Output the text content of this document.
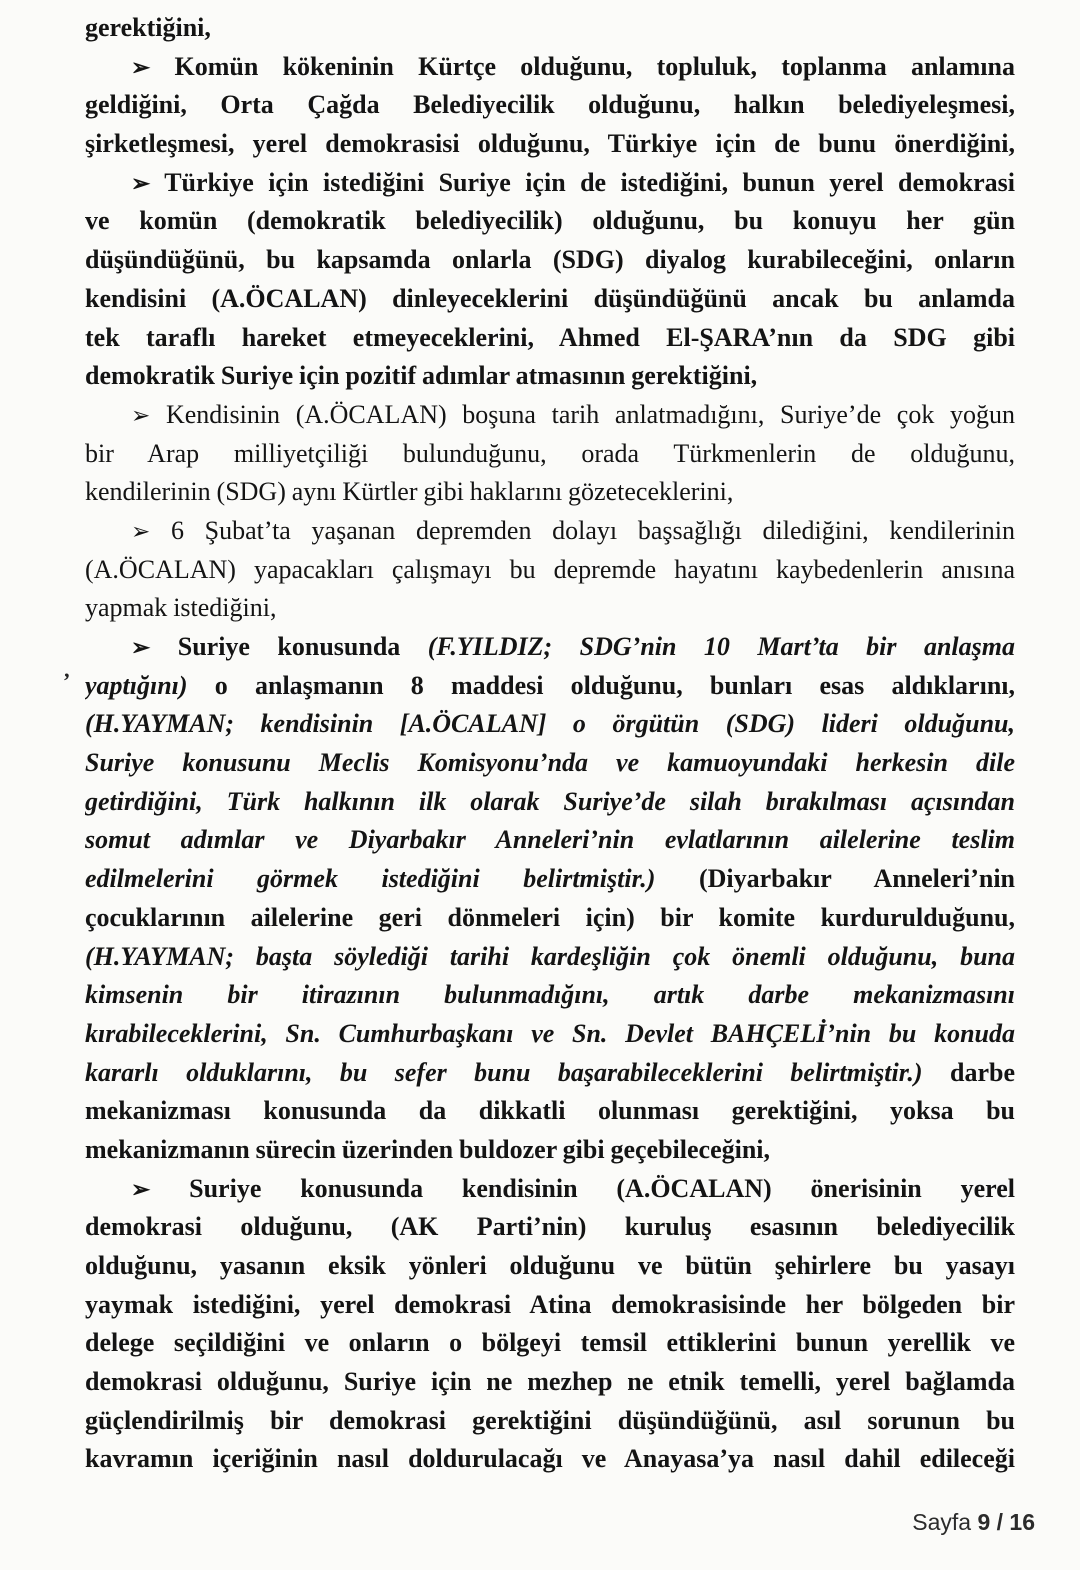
gerektiğini,
➢ Komün kökeninin Kürtçe olduğunu, topluluk, toplanma anlamına
geldiğini, Orta Çağda Belediyecilik olduğunu, halkın belediyeleşmesi,
şirketleşmesi, yerel demokrasisi olduğunu, Türkiye için de bunu önerdiğini,
➢ Türkiye için istediğini Suriye için de istediğini, bunun yerel demokrasi
ve komün (demokratik belediyecilik) olduğunu, bu konuyu her gün
düşündüğünü, bu kapsamda onlarla (SDG) diyalog kurabileceğini, onların
kendisini (A.ÖCALAN) dinleyeceklerini düşündüğünü ancak bu anlamda
tek taraflı hareket etmeyeceklerini, Ahmed El-ŞARA’nın da SDG gibi
demokratik Suriye için pozitif adımlar atmasının gerektiğini,
➢ Kendisinin (A.ÖCALAN) boşuna tarih anlatmadığını, Suriye’de çok yoğun
bir Arap milliyetçiliği bulunduğunu, orada Türkmenlerin de olduğunu,
kendilerinin (SDG) aynı Kürtler gibi haklarını gözeteceklerini,
➢ 6 Şubat’ta yaşanan depremden dolayı başsağlığı dilediğini, kendilerinin
(A.ÖCALAN) yapacakları çalışmayı bu depremde hayatını kaybedenlerin anısına
yapmak istediğini,
➢ Suriye konusunda (F.YILDIZ; SDG’nin 10 Mart’ta bir anlaşma
yaptığını) o anlaşmanın 8 maddesi olduğunu, bunları esas aldıklarını,
(H.YAYMAN; kendisinin [A.ÖCALAN] o örgütün (SDG) lideri olduğunu,
Suriye konusunu Meclis Komisyonu’nda ve kamuoyundaki herkesin dile
getirdiğini, Türk halkının ilk olarak Suriye’de silah bırakılması açısından
somut adımlar ve Diyarbakır Anneleri’nin evlatlarının ailelerine teslim
edilmelerini görmek istediğini belirtmiştir.) (Diyarbakır Anneleri’nin
çocuklarının ailelerine geri dönmeleri için) bir komite kurdurulduğunu,
(H.YAYMAN; başta söylediği tarihi kardeşliğin çok önemli olduğunu, buna
kimsenin bir itirazının bulunmadığını, artık darbe mekanizmasını
kırabileceklerini, Sn. Cumhurbaşkanı ve Sn. Devlet BAHÇELİ’nin bu konuda
kararlı olduklarını, bu sefer bunu başarabileceklerini belirtmiştir.) darbe
mekanizması konusunda da dikkatli olunması gerektiğini, yoksa bu
mekanizmanın sürecin üzerinden buldozer gibi geçebileceğini,
➢ Suriye konusunda kendisinin (A.ÖCALAN) önerisinin yerel
demokrasi olduğunu, (AK Parti’nin) kuruluş esasının belediyecilik
olduğunu, yasanın eksik yönleri olduğunu ve bütün şehirlere bu yasayı
yaymak istediğini, yerel demokrasi Atina demokrasisinde her bölgeden bir
delege seçildiğini ve onların o bölgeyi temsil ettiklerini bunun yerellik ve
demokrasi olduğunu, Suriye için ne mezhep ne etnik temelli, yerel bağlamda
güçlendirilmiş bir demokrasi gerektiğini düşündüğünü, asıl sorunun bu
kavramın içeriğinin nasıl doldurulacağı ve Anayasa’ya nasıl dahil edileceği
’
Sayfa 9 / 16
